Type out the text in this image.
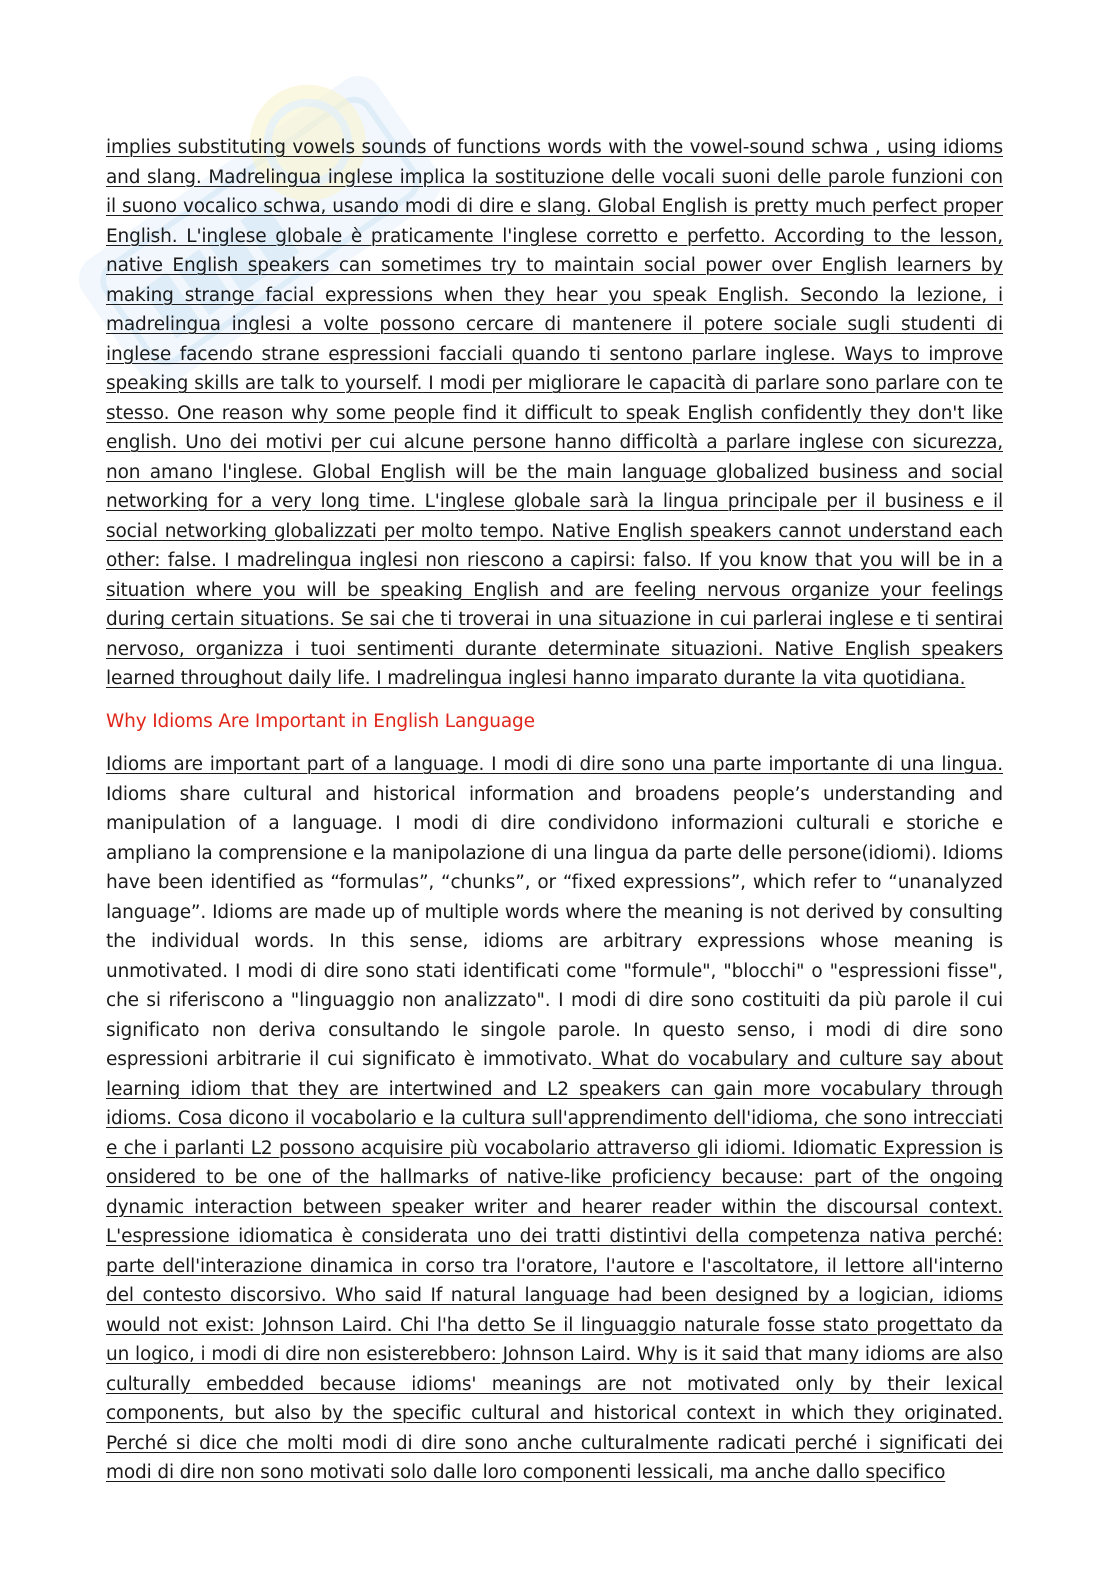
implies substituting vowels sounds of functions words with the vowel-sound schwa , using idioms and slang. Madrelingua inglese implica la sostituzione delle vocali suoni delle parole funzioni con il suono vocalico schwa, usando modi di dire e slang. Global English is pretty much perfect proper English. L'inglese globale è praticamente l'inglese corretto e perfetto. According to the lesson, native English speakers can sometimes try to maintain social power over English learners by making strange facial expressions when they hear you speak English. Secondo la lezione, i madrelingua inglesi a volte possono cercare di mantenere il potere sociale sugli studenti di inglese facendo strane espressioni facciali quando ti sentono parlare inglese. Ways to improve speaking skills are talk to yourself. I modi per migliorare le capacità di parlare sono parlare con te stesso. One reason why some people find it difficult to speak English confidently they don't like english. Uno dei motivi per cui alcune persone hanno difficoltà a parlare inglese con sicurezza, non amano l'inglese. Global English will be the main language globalized business and social networking for a very long time. L'inglese globale sarà la lingua principale per il business e il social networking globalizzati per molto tempo. Native English speakers cannot understand each other: false. I madrelingua inglesi non riescono a capirsi: falso. If you know that you will be in a situation where you will be speaking English and are feeling nervous organize your feelings during certain situations. Se sai che ti troverai in una situazione in cui parlerai inglese e ti sentirai nervoso, organizza i tuoi sentimenti durante determinate situazioni. Native English speakers learned throughout daily life. I madrelingua inglesi hanno imparato durante la vita quotidiana.

Why Idioms Are Important in English Language

Idioms are important part of a language. I modi di dire sono una parte importante di una lingua. Idioms share cultural and historical information and broadens people’s understanding and manipulation of a language. I modi di dire condividono informazioni culturali e storiche e ampliano la comprensione e la manipolazione di una lingua da parte delle persone(idiomi). Idioms have been identified as “formulas”, “chunks”, or “fixed expressions”, which refer to “unanalyzed language”. Idioms are made up of multiple words where the meaning is not derived by consulting the individual words. In this sense, idioms are arbitrary expressions whose meaning is unmotivated. I modi di dire sono stati identificati come "formule", "blocchi" o "espressioni fisse", che si riferiscono a "linguaggio non analizzato". I modi di dire sono costituiti da più parole il cui significato non deriva consultando le singole parole. In questo senso, i modi di dire sono espressioni arbitrarie il cui significato è immotivato. What do vocabulary and culture say about learning idiom that they are intertwined and L2 speakers can gain more vocabulary through idioms. Cosa dicono il vocabolario e la cultura sull'apprendimento dell'idioma, che sono intrecciati e che i parlanti L2 possono acquisire più vocabolario attraverso gli idiomi. Idiomatic Expression is onsidered to be one of the hallmarks of native-like proficiency because: part of the ongoing dynamic interaction between speaker writer and hearer reader within the discoursal context. L'espressione idiomatica è considerata uno dei tratti distintivi della competenza nativa perché: parte dell'interazione dinamica in corso tra l'oratore, l'autore e l'ascoltatore, il lettore all'interno del contesto discorsivo. Who said If natural language had been designed by a logician, idioms would not exist: Johnson Laird. Chi l'ha detto Se il linguaggio naturale fosse stato progettato da un logico, i modi di dire non esisterebbero: Johnson Laird. Why is it said that many idioms are also culturally embedded because idioms' meanings are not motivated only by their lexical components, but also by the specific cultural and historical context in which they originated. Perché si dice che molti modi di dire sono anche culturalmente radicati perché i significati dei modi di dire non sono motivati solo dalle loro componenti lessicali, ma anche dallo specifico
